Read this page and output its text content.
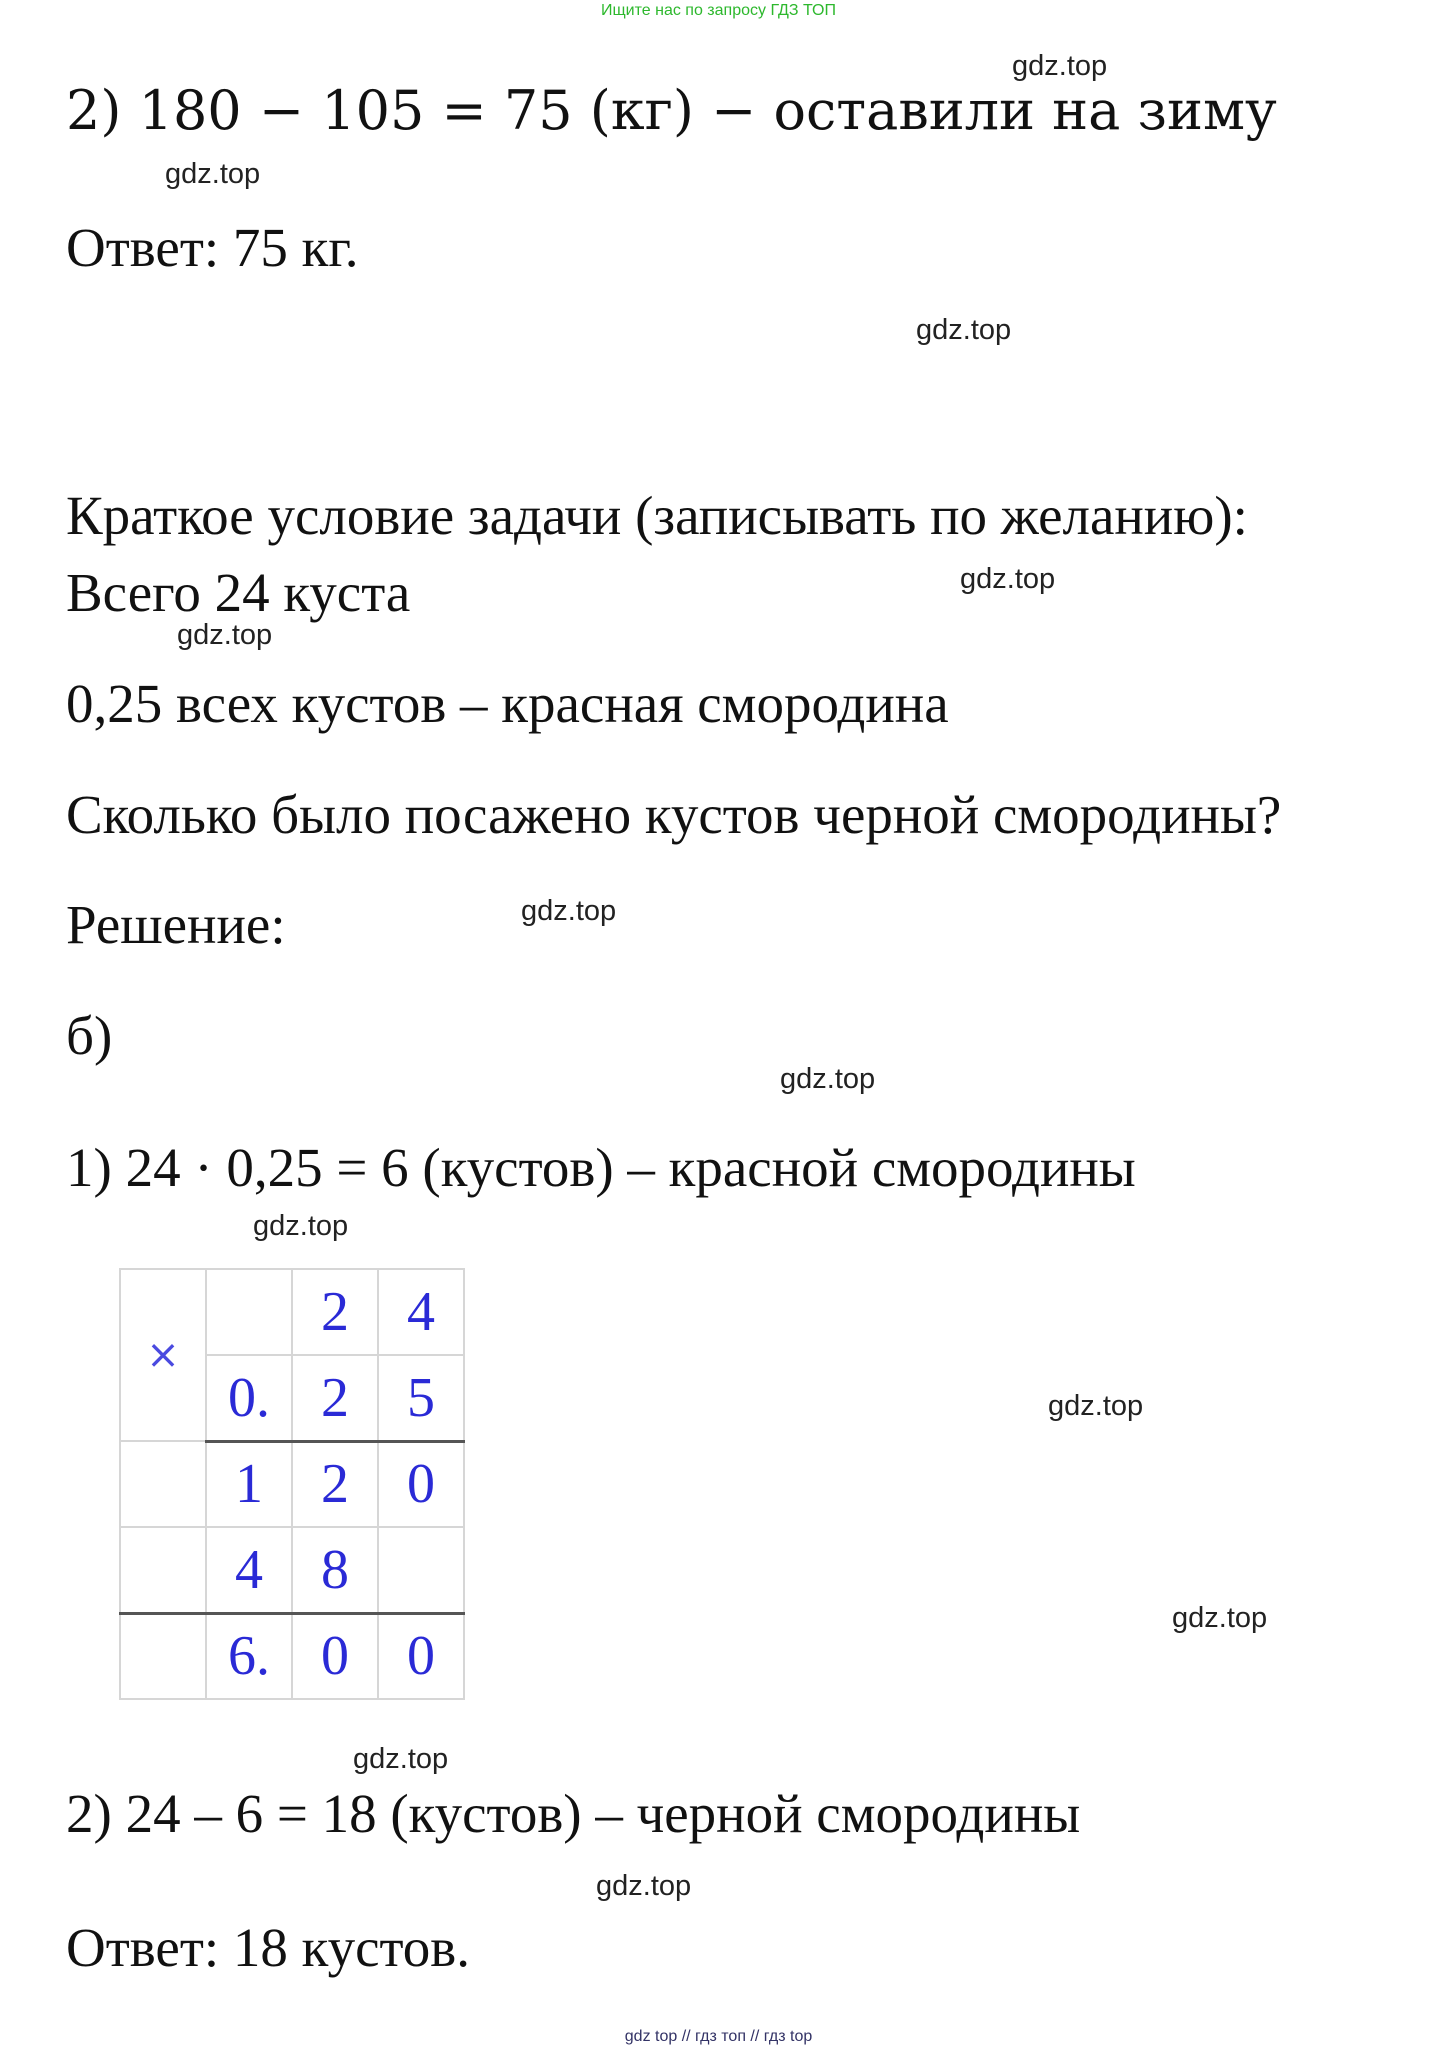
Ищите нас по запросу ГДЗ ТОП
gdz.top
gdz.top
gdz.top
gdz.top
gdz.top
gdz.top
gdz.top
gdz.top
gdz.top
gdz.top
gdz.top
gdz.top
2) 180 − 105 = 75 (кг) − оставили на зиму
Ответ: 75 кг.
Краткое условие задачи (записывать по желанию):
Всего 24 куста
0,25 всех кустов – красная смородина
Сколько было посажено кустов черной смородины?
Решение:
б)
1) 24 · 0,25 = 6 (кустов) – красной смородины
×		2	4
	0.	2	5
	1	2	0
	4	8	
	6.	0	0
2) 24 – 6 = 18 (кустов) – черной смородины
Ответ: 18 кустов.
gdz top // гдз топ // гдз top
